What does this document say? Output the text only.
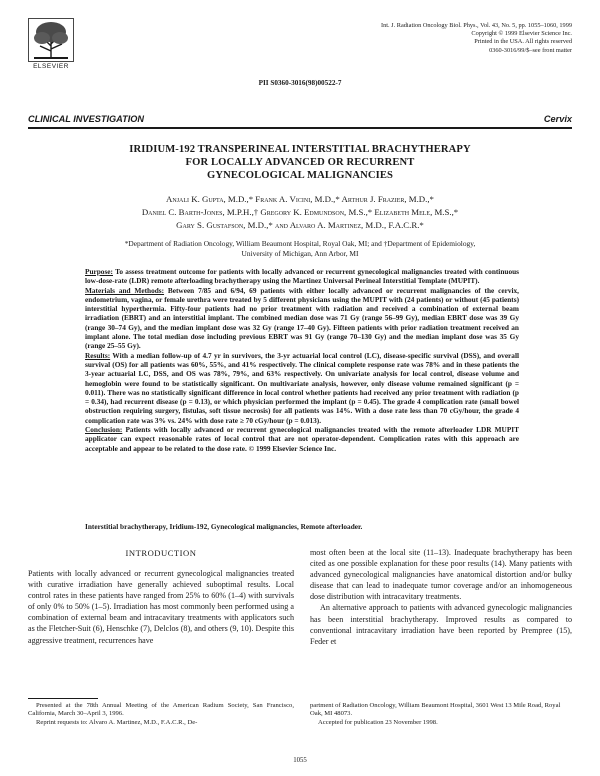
ELSEVIER
Int. J. Radiation Oncology Biol. Phys., Vol. 43, No. 5, pp. 1055–1060, 1999
Copyright © 1999 Elsevier Science Inc.
Printed in the USA. All rights reserved
0360-3016/99/$–see front matter
PII S0360-3016(98)00522-7
CLINICAL INVESTIGATION	Cervix
IRIDIUM-192 TRANSPERINEAL INTERSTITIAL BRACHYTHERAPY
FOR LOCALLY ADVANCED OR RECURRENT
GYNECOLOGICAL MALIGNANCIES
Anjali K. Gupta, M.D.,* Frank A. Vicini, M.D.,* Arthur J. Frazier, M.D.,*
Daniel C. Barth-Jones, M.P.H.,† Gregory K. Edmundson, M.S.,* Elizabeth Mele, M.S.,*
Gary S. Gustafson, M.D.,* and Alvaro A. Martinez, M.D., F.A.C.R.*
*Department of Radiation Oncology, William Beaumont Hospital, Royal Oak, MI; and †Department of Epidemiology,
University of Michigan, Ann Arbor, MI

Purpose: To assess treatment outcome for patients with locally advanced or recurrent gynecological malignancies treated with continuous low-dose-rate (LDR) remote afterloading brachytherapy using the Martinez Universal Perineal Interstitial Template (MUPIT).

Materials and Methods: Between 7/85 and 6/94, 69 patients with either locally advanced or recurrent malignancies of the cervix, endometrium, vagina, or female urethra were treated by 5 different physicians using the MUPIT with (24 patients) or without (45 patients) interstitial hyperthermia. Fifty-four patients had no prior treatment with radiation and received a combination of external beam irradiation (EBRT) and an interstitial implant. The combined median dose was 71 Gy (range 56–99 Gy), median EBRT dose was 39 Gy (range 30–74 Gy), and the median implant dose was 32 Gy (range 17–40 Gy). Fifteen patients with prior radiation treatment received an implant alone. The total median dose including previous EBRT was 91 Gy (range 70–130 Gy) and the median implant dose was 35 Gy (range 25–55 Gy).

Results: With a median follow-up of 4.7 yr in survivors, the 3-yr actuarial local control (LC), disease-specific survival (DSS), and overall survival (OS) for all patients was 60%, 55%, and 41% respectively. The clinical complete response rate was 78% and in these patients the 3-year actuarial LC, DSS, and OS was 78%, 79%, and 63% respectively. On univariate analysis for local control, disease volume and hemoglobin were found to be statistically significant. On multivariate analysis, however, only disease volume remained significant (p = 0.011). There was no statistically significant difference in local control whether patients had received any prior treatment with radiation (p = 0.34), had recurrent disease (p = 0.13), or which physician performed the implant (p = 0.45). The grade 4 complication rate (small bowel obstruction requiring surgery, fistulas, soft tissue necrosis) for all patients was 14%. With a dose rate less than 70 cGy/hour, the grade 4 complication rate was 3% vs. 24% with dose rate ≥ 70 cGy/hour (p = 0.013).

Conclusion: Patients with locally advanced or recurrent gynecological malignancies treated with the remote afterloader LDR MUPIT applicator can expect reasonable rates of local control that are not operator-dependent. Complication rates with this approach are acceptable and appear to be related to the dose rate. © 1999 Elsevier Science Inc.

Interstitial brachytherapy, Iridium-192, Gynecological malignancies, Remote afterloader.
INTRODUCTION

Patients with locally advanced or recurrent gynecological malignancies treated with curative irradiation have generally achieved suboptimal results. Local control rates in these patients have ranged from 25% to 60% (1–4) with survivals of only 0% to 50% (1–5). Irradiation has most commonly been performed using a combination of external beam and intracavitary treatments with applicators such as the Fletcher-Suit (6), Henschke (7), Delclos (8), and others (9, 10). Despite this aggressive treatment, recurrences have

most often been at the local site (11–13). Inadequate brachytherapy has been cited as one possible explanation for these poor results (14). Many patients with advanced gynecological malignancies have anatomical distortion and/or bulky disease that can lead to inadequate tumor coverage and/or an inhomogeneous dose distribution with intracavitary treatments.

An alternative approach to patients with advanced gynecologic malignancies has been interstitial brachytherapy. Improved results as compared to conventional intracavitary irradiation have been reported by Prempree (15), Feder et

Presented at the 78th Annual Meeting of the American Radium Society, San Francisco, California, March 30–April 3, 1996.

Reprint requests to: Alvaro A. Martinez, M.D., F.A.C.R., De-

partment of Radiation Oncology, William Beaumont Hospital, 3601 West 13 Mile Road, Royal Oak, MI 48073.

Accepted for publication 23 November 1998.

1055
